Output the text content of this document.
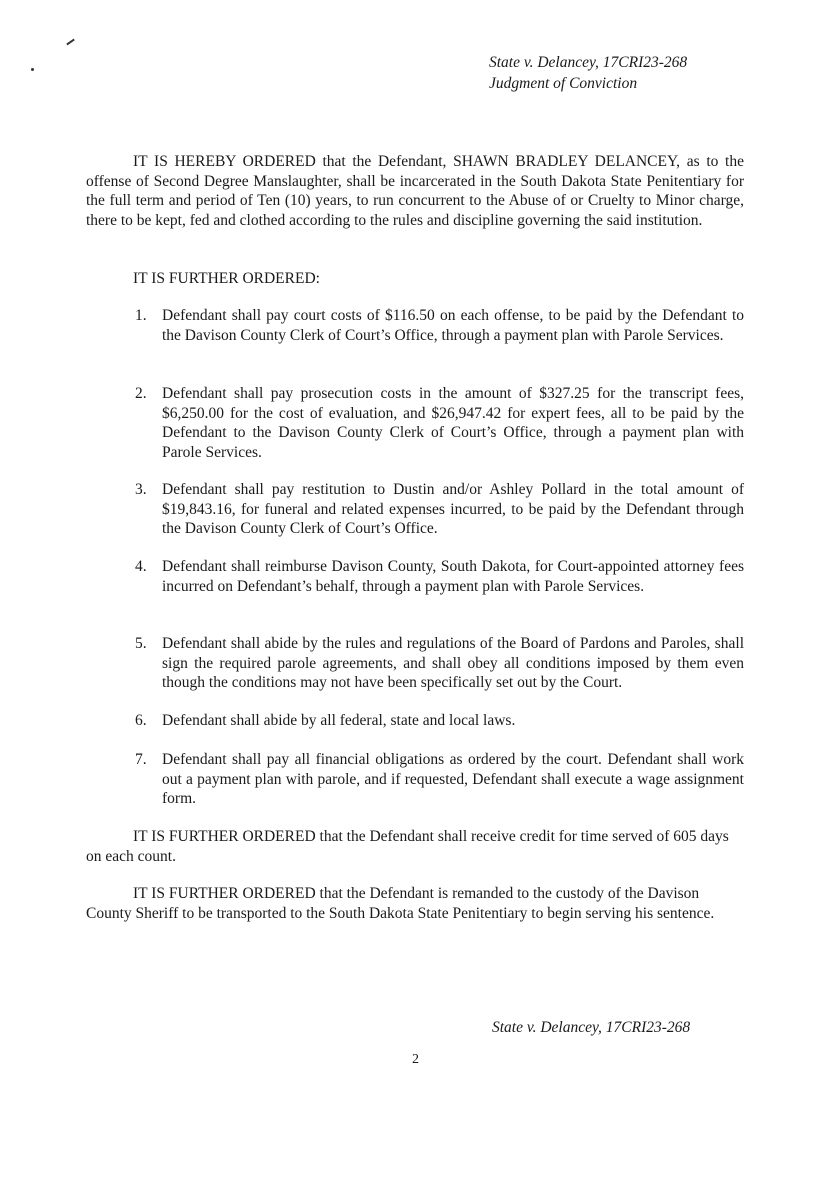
State v. Delancey, 17CRI23-268
Judgment of Conviction

IT IS HEREBY ORDERED that the Defendant, SHAWN BRADLEY DELANCEY, as to the offense of Second Degree Manslaughter, shall be incarcerated in the South Dakota State Penitentiary for the full term and period of Ten (10) years, to run concurrent to the Abuse of or Cruelty to Minor charge, there to be kept, fed and clothed according to the rules and discipline governing the said institution.

IT IS FURTHER ORDERED:

1. Defendant shall pay court costs of $116.50 on each offense, to be paid by the Defendant to the Davison County Clerk of Court’s Office, through a payment plan with Parole Services.

2. Defendant shall pay prosecution costs in the amount of $327.25 for the transcript fees, $6,250.00 for the cost of evaluation, and $26,947.42 for expert fees, all to be paid by the Defendant to the Davison County Clerk of Court’s Office, through a payment plan with Parole Services.

3. Defendant shall pay restitution to Dustin and/or Ashley Pollard in the total amount of $19,843.16, for funeral and related expenses incurred, to be paid by the Defendant through the Davison County Clerk of Court’s Office.

4. Defendant shall reimburse Davison County, South Dakota, for Court-appointed attorney fees incurred on Defendant’s behalf, through a payment plan with Parole Services.

5. Defendant shall abide by the rules and regulations of the Board of Pardons and Paroles, shall sign the required parole agreements, and shall obey all conditions imposed by them even though the conditions may not have been specifically set out by the Court.

6. Defendant shall abide by all federal, state and local laws.

7. Defendant shall pay all financial obligations as ordered by the court. Defendant shall work out a payment plan with parole, and if requested, Defendant shall execute a wage assignment form.

IT IS FURTHER ORDERED that the Defendant shall receive credit for time served of 605 days on each count.

IT IS FURTHER ORDERED that the Defendant is remanded to the custody of the Davison County Sheriff to be transported to the South Dakota State Penitentiary to begin serving his sentence.

State v. Delancey, 17CRI23-268
2
